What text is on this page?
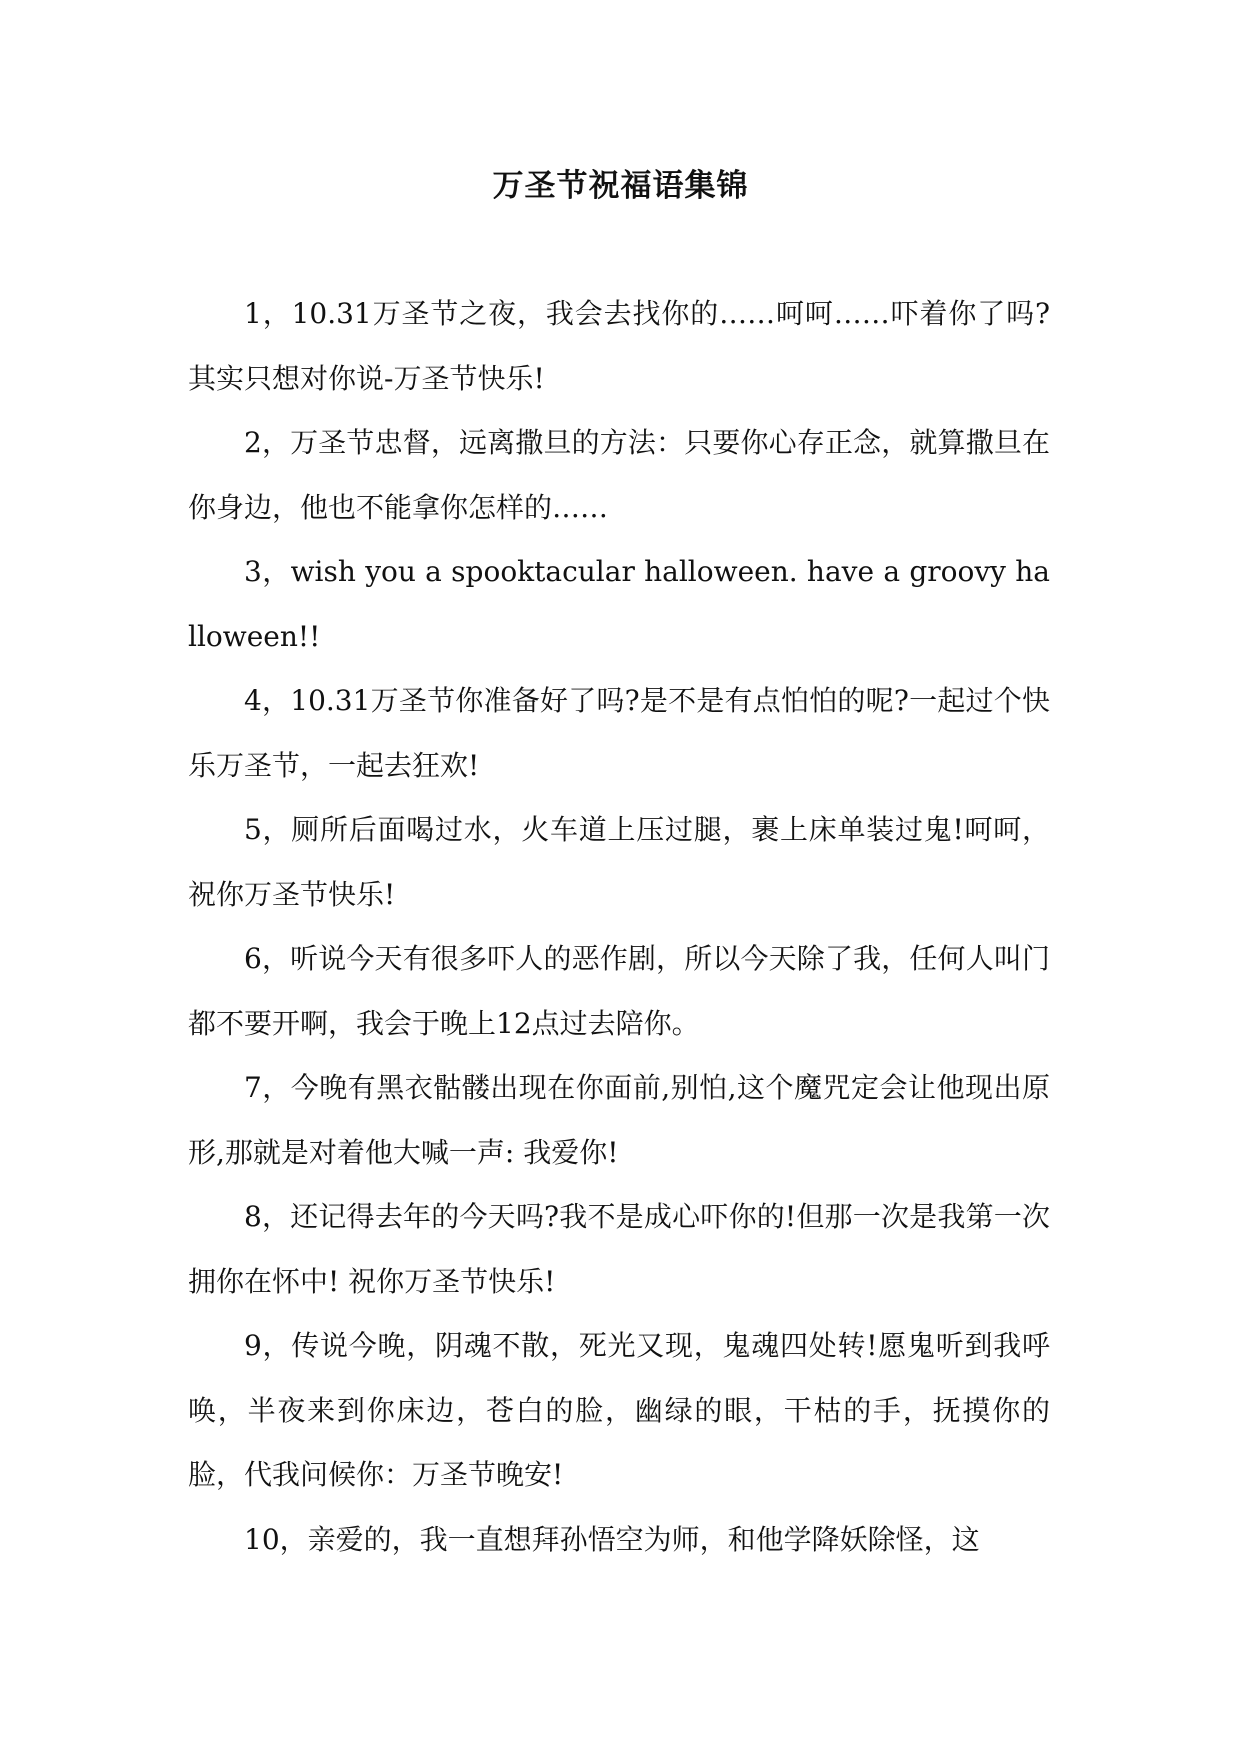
万圣节祝福语集锦

1，10.31万圣节之夜，我会去找你的……呵呵……吓着你了吗?其实只想对你说-万圣节快乐!

2，万圣节忠督，远离撒旦的方法：只要你心存正念，就算撒旦在你身边，他也不能拿你怎样的……

3，wish you a spooktacular halloween. have a groovy halloween!!

4，10.31万圣节你准备好了吗?是不是有点怕怕的呢?一起过个快乐万圣节，一起去狂欢!

5，厕所后面喝过水，火车道上压过腿，裹上床单装过鬼!呵呵，祝你万圣节快乐!

6，听说今天有很多吓人的恶作剧，所以今天除了我，任何人叫门都不要开啊，我会于晚上12点过去陪你。

7，今晚有黑衣骷髅出现在你面前,别怕,这个魔咒定会让他现出原形,那就是对着他大喊一声: 我爱你!

8，还记得去年的今天吗?我不是成心吓你的!但那一次是我第一次拥你在怀中! 祝你万圣节快乐!

9，传说今晚，阴魂不散，死光又现，鬼魂四处转!愿鬼听到我呼唤，半夜来到你床边，苍白的脸，幽绿的眼，干枯的手，抚摸你的脸，代我问候你：万圣节晚安!

10，亲爱的，我一直想拜孙悟空为师，和他学降妖除怪，这
